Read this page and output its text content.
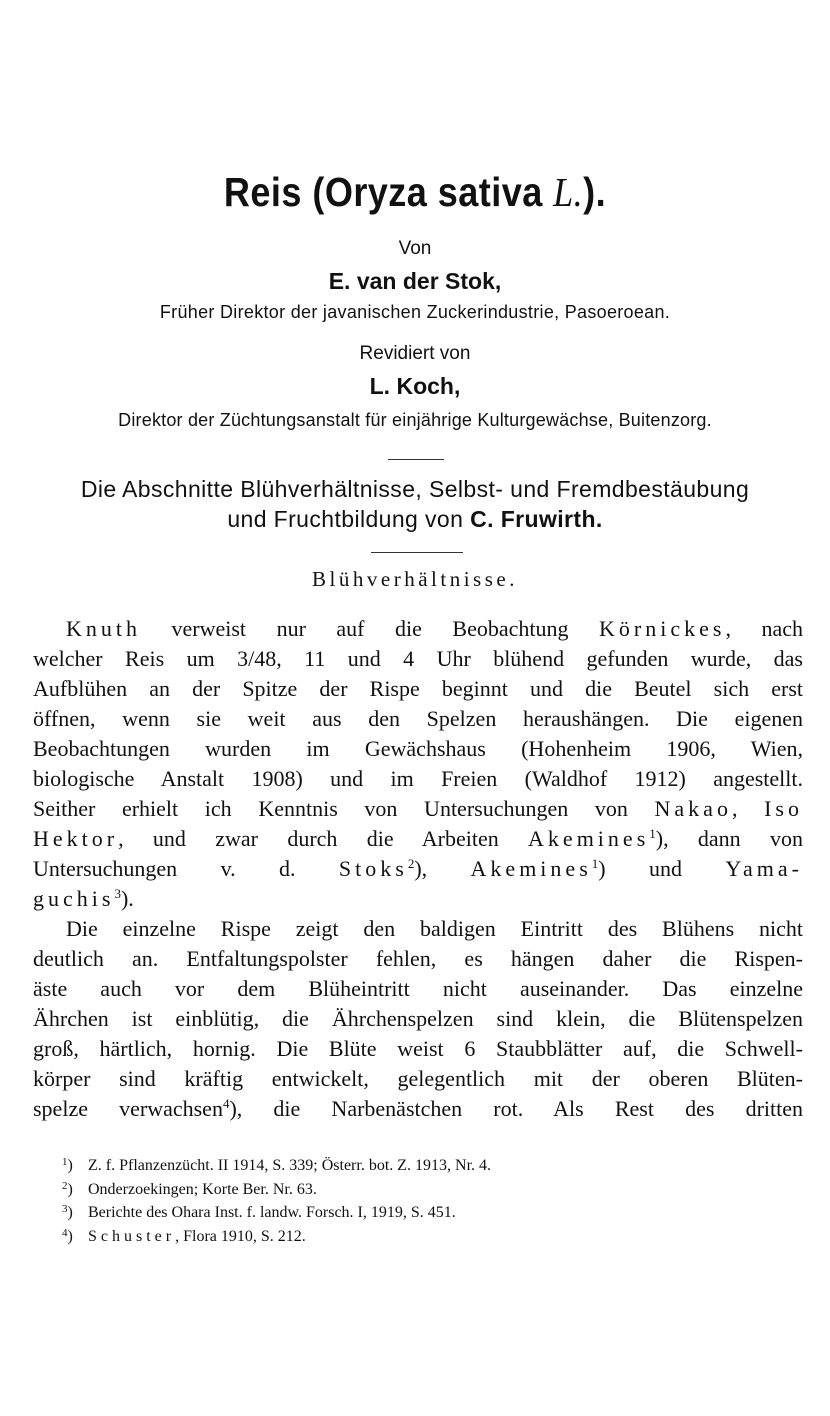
Reis (Oryza sativa L.).
Von
E. van der Stok,
Früher Direktor der javanischen Zuckerindustrie, Pasoeroean.
Revidiert von
L. Koch,
Direktor der Züchtungsanstalt für einjährige Kulturgewächse, Buitenzorg.
Die Abschnitte Blühverhältnisse, Selbst- und Fremdbestäubung
und Fruchtbildung von C. Fruwirth.
Blühverhältnisse.
Knuth verweist nur auf die Beobachtung Körnickes, nach
welcher Reis um 3/48, 11 und 4 Uhr blühend gefunden wurde, das
Aufblühen an der Spitze der Rispe beginnt und die Beutel sich erst
öffnen, wenn sie weit aus den Spelzen heraushängen. Die eigenen
Beobachtungen wurden im Gewächshaus (Hohenheim 1906, Wien,
biologische Anstalt 1908) und im Freien (Waldhof 1912) angestellt.
Seither erhielt ich Kenntnis von Untersuchungen von Nakao, Iso
Hektor, und zwar durch die Arbeiten Akemines$^1$), dann von
Untersuchungen v. d. Stoks$^2$), Akemines$^1$) und Yama-
guchis$^3$).
Die einzelne Rispe zeigt den baldigen Eintritt des Blühens nicht
deutlich an. Entfaltungspolster fehlen, es hängen daher die Rispen-
äste auch vor dem Blüheintritt nicht auseinander. Das einzelne
Ährchen ist einblütig, die Ährchenspelzen sind klein, die Blütenspelzen
groß, härtlich, hornig. Die Blüte weist 6 Staubblätter auf, die Schwell-
körper sind kräftig entwickelt, gelegentlich mit der oberen Blüten-
spelze verwachsen$^4$), die Narbenästchen rot. Als Rest des dritten
$^1$) Z. f. Pflanzenzücht. II 1914, S. 339; Österr. bot. Z. 1913, Nr. 4.
$^2$) Onderzoekingen; Korte Ber. Nr. 63.
$^3$) Berichte des Ohara Inst. f. landw. Forsch. I, 1919, S. 451.
$^4$) Schuster, Flora 1910, S. 212.
